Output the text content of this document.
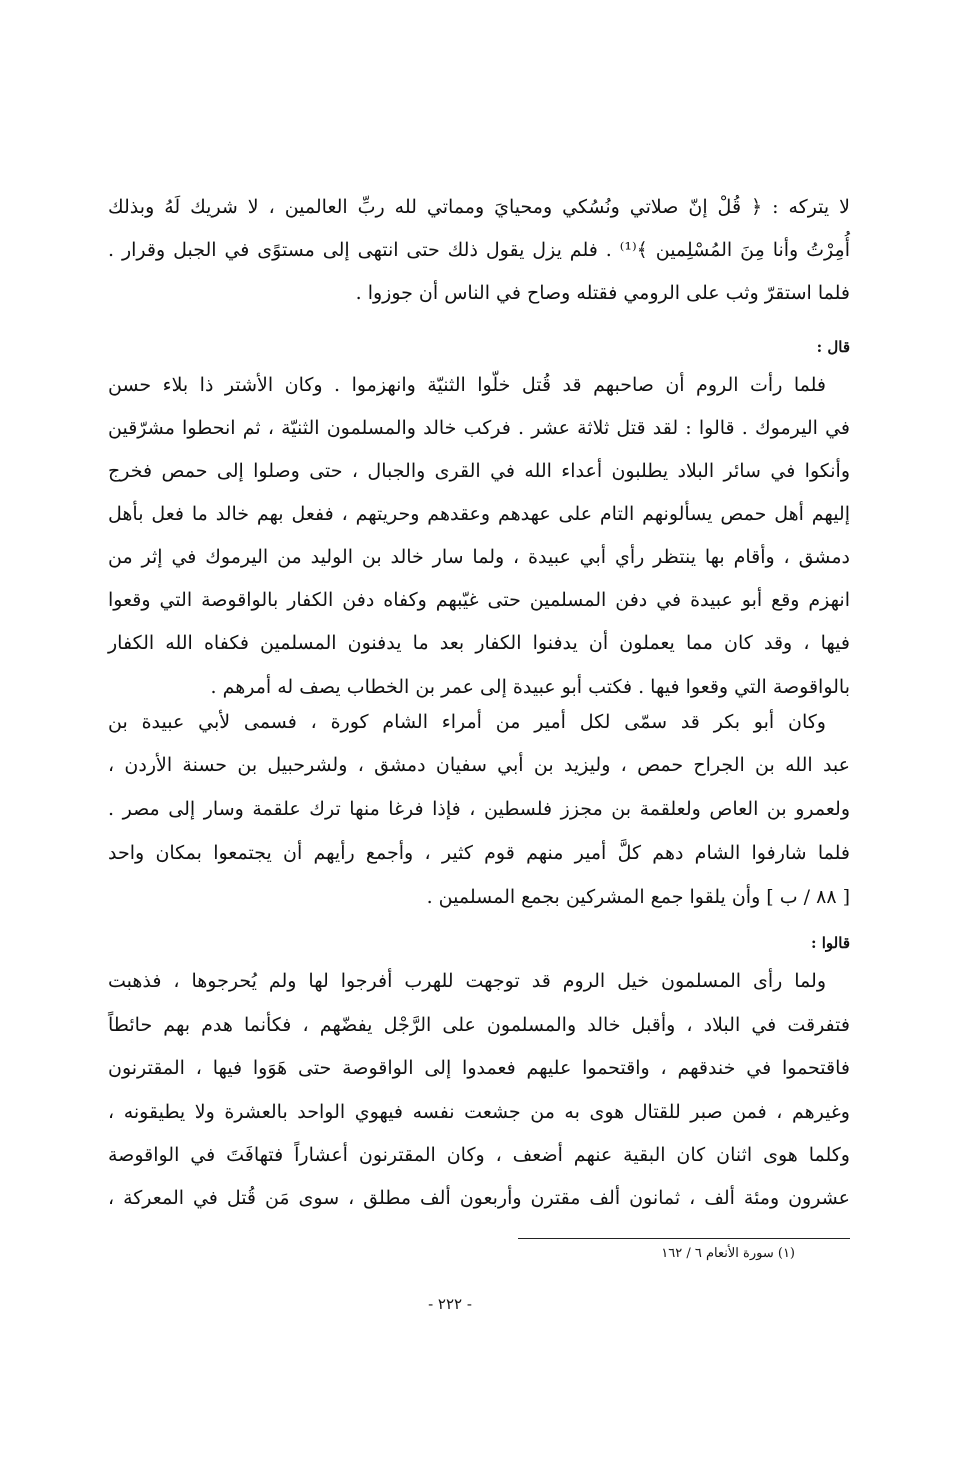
لا يتركه : ﴿ قُلْ إنّ صلاتي ونُسُكي ومحيايَ ومماتي لله ربِّ العالمين ، لا شريك لَهُ وبذلك
أُمِرْتُ وأنا مِنَ المُسْلِمين ﴾⁽¹⁾ . فلم يزل يقول ذلك حتى انتهى إلى مستوًى في الجبل وقرار .
فلما استقرّ وثب على الرومي فقتله وصاح في الناس أن جوزوا .
قال :
فلما رأت الروم أن صاحبهم قد قُتل خلّوا الثنيّة وانهزموا . وكان الأشتر ذا بلاء حسن
في اليرموك . قالوا : لقد قتل ثلاثة عشر . فركب خالد والمسلمون الثنيّة ، ثم انحطوا مشرّقين
وأنكوا في سائر البلاد يطلبون أعداء الله في القرى والجبال ، حتى وصلوا إلى حمص فخرج
إليهم أهل حمص يسألونهم التام على عهدهم وعقدهم وحريتهم ، ففعل بهم خالد ما فعل بأهل
دمشق ، وأقام بها ينتظر رأي أبي عبيدة ، ولما سار خالد بن الوليد من اليرموك في إثر من
انهزم وقع أبو عبيدة في دفن المسلمين حتى غيّبهم وكفاه دفن الكفار بالواقوصة التي وقعوا
فيها ، وقد كان مما يعملون أن يدفنوا الكفار بعد ما يدفنون المسلمين فكفاه الله الكفار
بالواقوصة التي وقعوا فيها . فكتب أبو عبيدة إلى عمر بن الخطاب يصف له أمرهم .
وكان أبو بكر قد سمّى لكل أمير من أمراء الشام كورة ، فسمى لأبي عبيدة بن
عبد الله بن الجراح حمص ، وليزيد بن أبي سفيان دمشق ، ولشرحبيل بن حسنة الأردن ،
ولعمرو بن العاص ولعلقمة بن مجزز فلسطين ، فإذا فرغا منها ترك علقمة وسار إلى مصر .
فلما شارفوا الشام دهم كلَّ أمير منهم قوم كثير ، وأجمع رأيهم أن يجتمعوا بمكان واحد
[ ٨٨ / ب ] وأن يلقوا جمع المشركين بجمع المسلمين .
قالوا :
ولما رأى المسلمون خيل الروم قد توجهت للهرب أفرجوا لها ولم يُحرجوها ، فذهبت
فتفرقت في البلاد ، وأقبل خالد والمسلمون على الرَّجْل يفضّهم ، فكأنما هدم بهم حائطاً
فاقتحموا في خندقهم ، واقتحموا عليهم فعمدوا إلى الواقوصة حتى هَوَوا فيها ، المقترنون
وغيرهم ، فمن صبر للقتال هوى به من جشعت نفسه فيهوي الواحد بالعشرة ولا يطيقونه ،
وكلما هوى اثنان كان البقية عنهم أضعف ، وكان المقترنون أعشاراً فتهافَتَ في الواقوصة
عشرون ومئة ألف ، ثمانون ألف مقترن وأربعون ألف مطلق ، سوى مَن قُتل في المعركة ،
(١) سورة الأنعام ٦ / ١٦٢
- ٢٢٢ -
